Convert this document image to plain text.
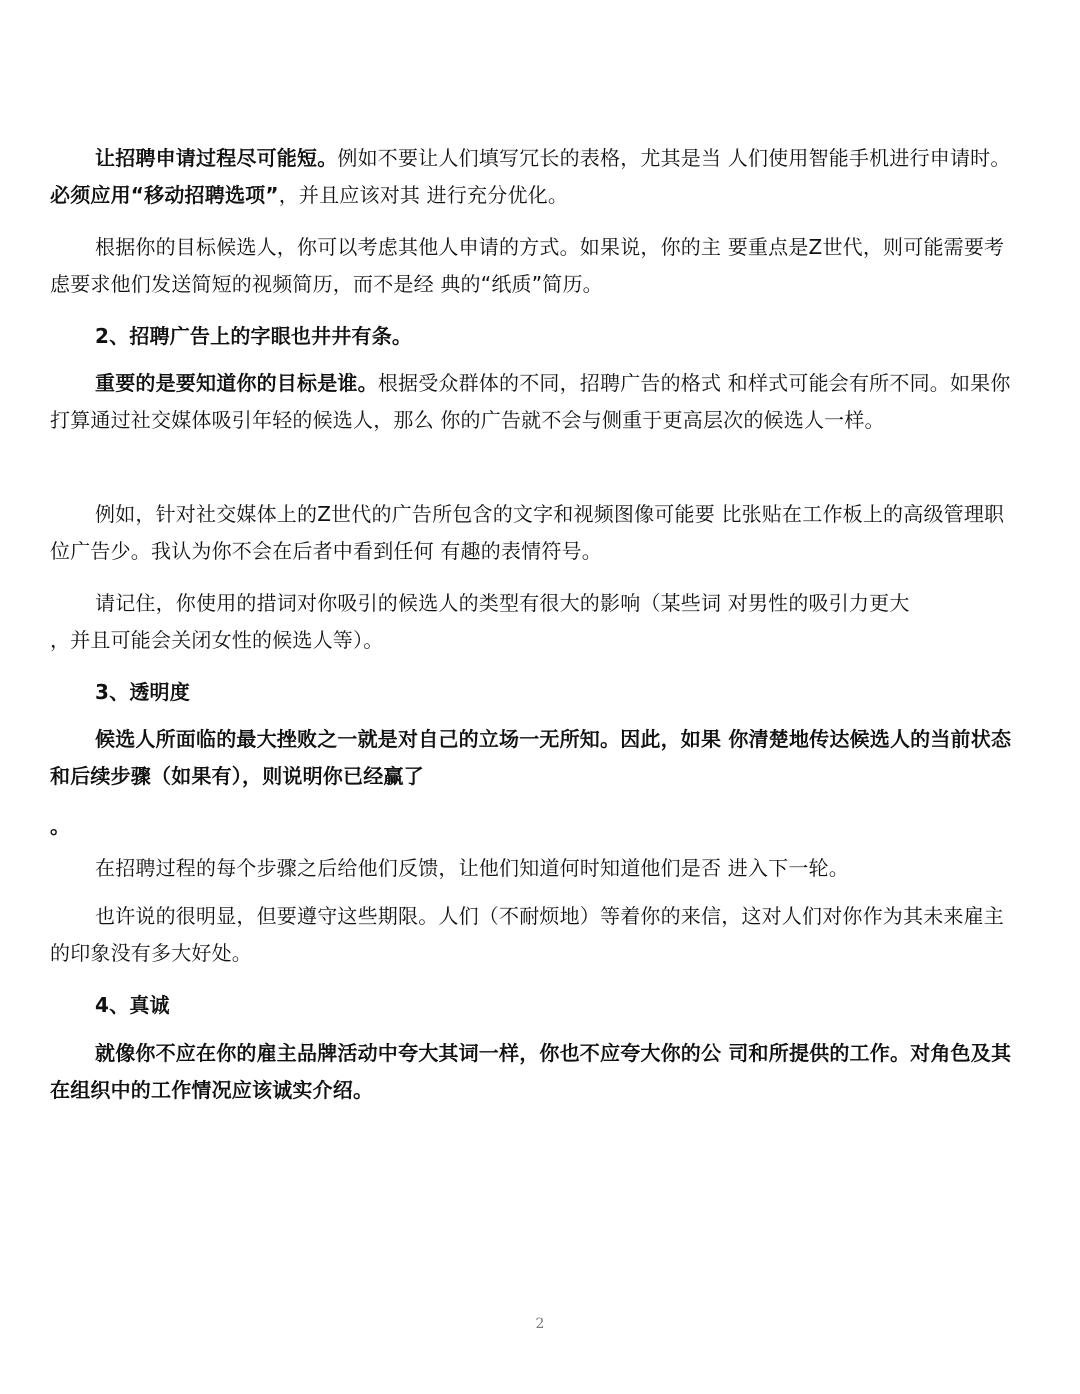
让招聘申请过程尽可能短。例如不要让人们填写冗长的表格，尤其是当 人们使用智能手机进行申请时。必须应用“移动招聘选项”，并且应该对其 进行充分优化。

根据你的目标候选人，你可以考虑其他人申请的方式。如果说，你的主 要重点是Z世代，则可能需要考虑要求他们发送简短的视频简历，而不是经 典的“纸质”简历。

2、招聘广告上的字眼也井井有条。

重要的是要知道你的目标是谁。根据受众群体的不同，招聘广告的格式 和样式可能会有所不同。如果你打算通过社交媒体吸引年轻的候选人，那么 你的广告就不会与侧重于更高层次的候选人一样。

例如，针对社交媒体上的Z世代的广告所包含的文字和视频图像可能要 比张贴在工作板上的高级管理职位广告少。我认为你不会在后者中看到任何 有趣的表情符号。

请记住，你使用的措词对你吸引的候选人的类型有很大的影响（某些词 对男性的吸引力更大
，并且可能会关闭女性的候选人等）。

3、透明度

候选人所面临的最大挫败之一就是对自己的立场一无所知。因此，如果 你清楚地传达候选人的当前状态和后续步骤（如果有），则说明你已经赢了

。

在招聘过程的每个步骤之后给他们反馈，让他们知道何时知道他们是否 进入下一轮。

也许说的很明显，但要遵守这些期限。人们（不耐烦地）等着你的来信，这对人们对你作为其未来雇主的印象没有多大好处。

4、真诚

就像你不应在你的雇主品牌活动中夸大其词一样，你也不应夸大你的公 司和所提供的工作。对角色及其在组织中的工作情况应该诚实介绍。

2
